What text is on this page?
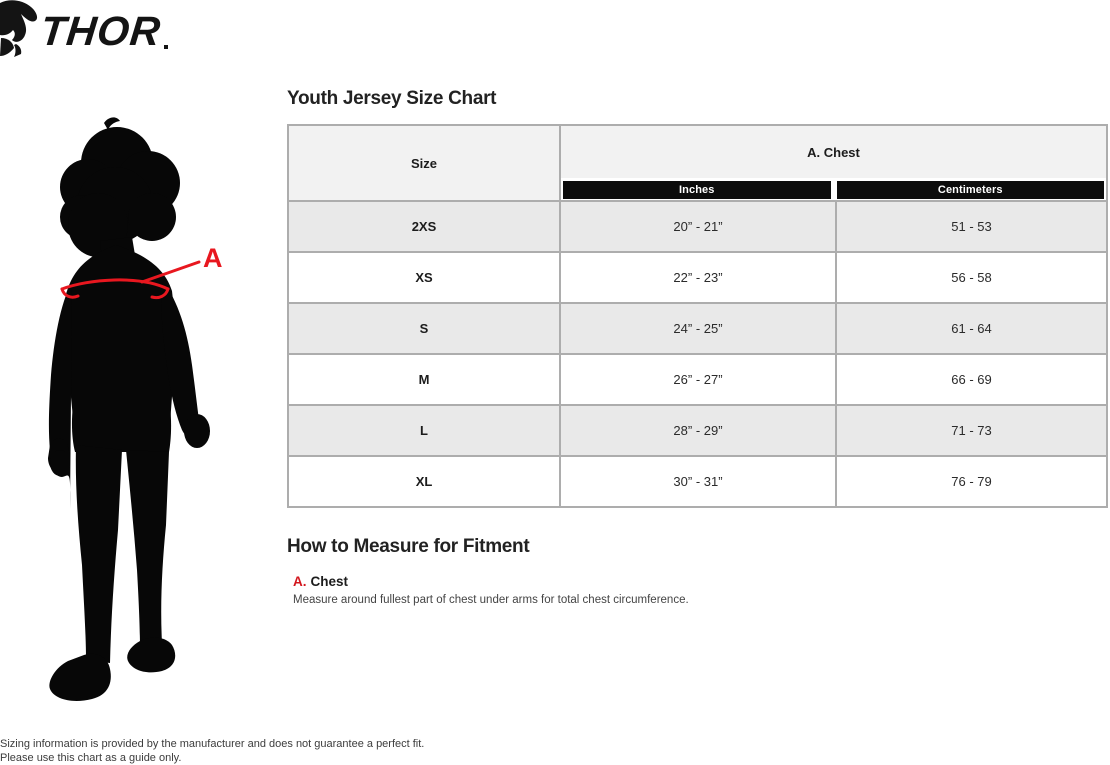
THOR
A
Youth Jersey Size Chart
Size
A. Chest
Inches	Centimeters
2XS	20” - 21”	51 - 53
XS	22” - 23”	56 - 58
S	24” - 25”	61 - 64
M	26” - 27”	66 - 69
L	28” - 29”	71 - 73
XL	30” - 31”	76 - 79
How to Measure for Fitment
A. Chest
Measure around fullest part of chest under arms for total chest circumference.
Sizing information is provided by the manufacturer and does not guarantee a perfect fit.
Please use this chart as a guide only.
